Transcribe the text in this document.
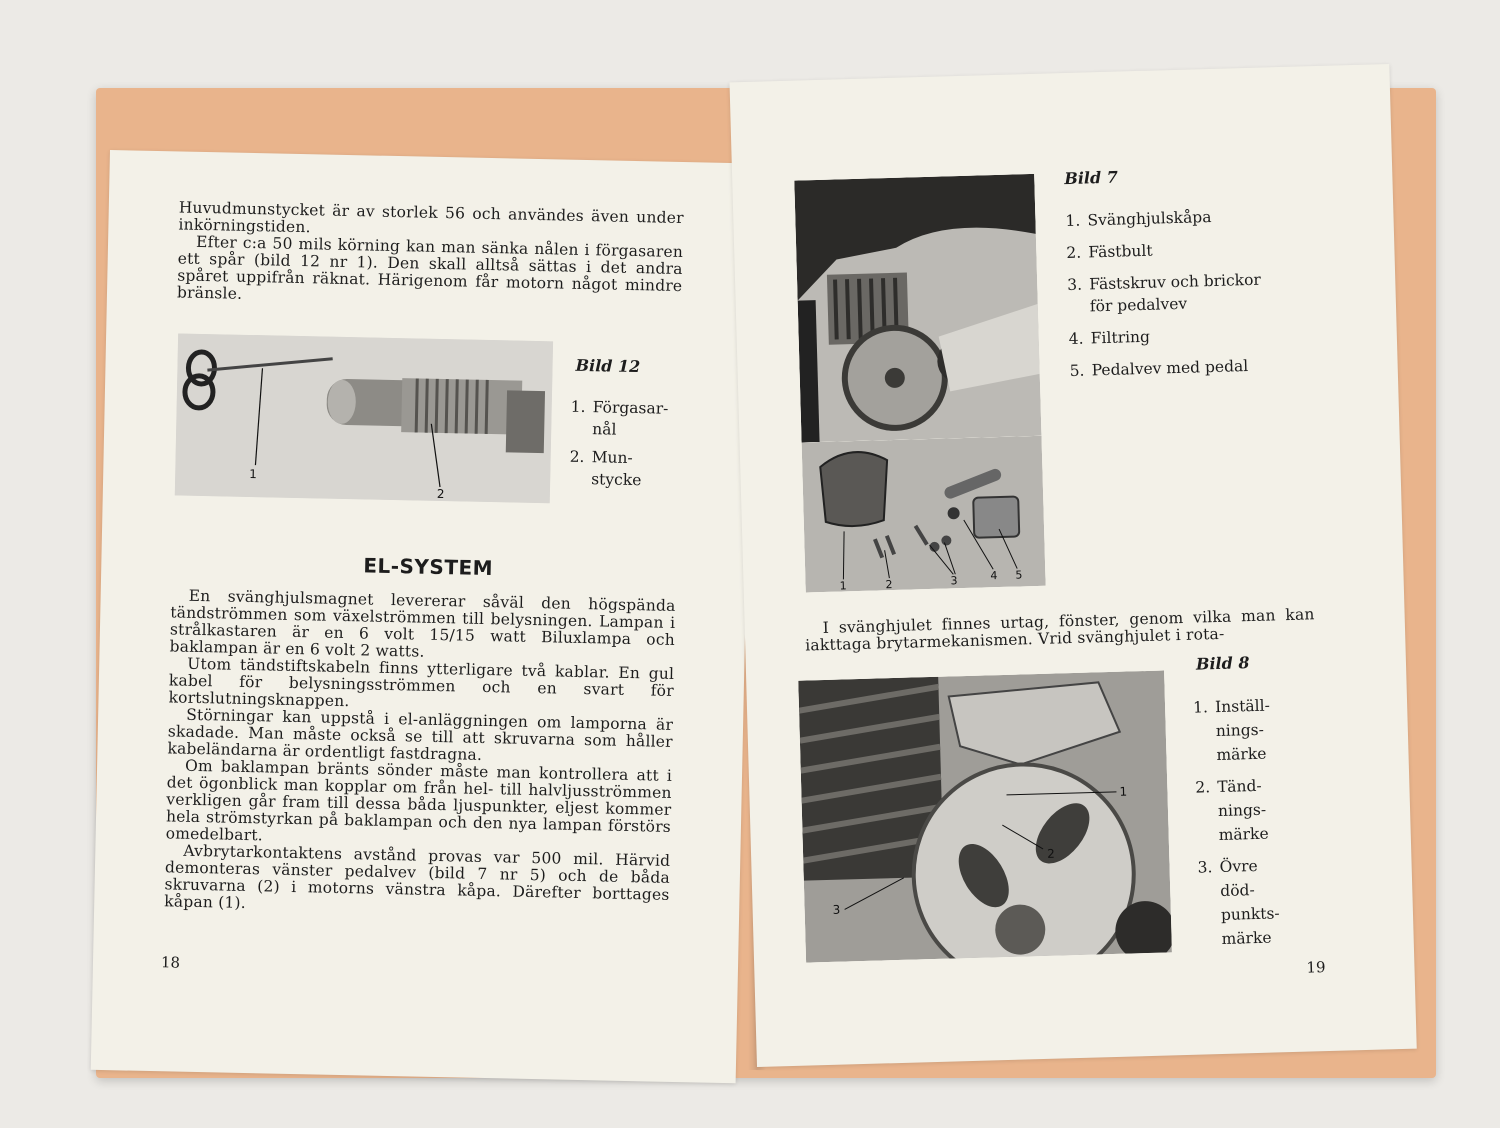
Huvudmunstycket är av storlek 56 och användes även under inkörningstiden.

Efter c:a 50 mils körning kan man sänka nålen i förgasaren ett spår (bild 12 nr 1). Den skall alltså sättas i det andra spåret uppifrån räknat. Härigenom får motorn något mindre bränsle.

1
2
Bild 12
1. Förgasar-nål
2. Mun-stycke
EL-SYSTEM

En svänghjulsmagnet levererar såväl den högspända tändströmmen som växelströmmen till belysningen. Lampan i strålkastaren är en 6 volt 15/15 watt Biluxlampa och baklampan är en 6 volt 2 watts.

Utom tändstiftskabeln finns ytterligare två kablar. En gul kabel för belysningsströmmen och en svart för kortslutningsknappen.

Störningar kan uppstå i el-anläggningen om lamporna är skadade. Man måste också se till att skruvarna som håller kabeländarna är ordentligt fastdragna.

Om baklampan bränts sönder måste man kontrollera att i det ögonblick man kopplar om från hel- till halvljusströmmen verkligen går fram till dessa båda ljuspunkter, eljest kommer hela strömstyrkan på baklampan och den nya lampan förstörs omedelbart.

Avbrytarkontaktens avstånd provas var 500 mil. Härvid demonteras vänster pedalvev (bild 7 nr 5) och de båda skruvarna (2) i motorns vänstra kåpa. Därefter borttages kåpan (1).

18
1	2	3	4 5
Bild 7
1. Svänghjulskåpa
2. Fästbult
3. Fästskruv och brickor för pedalvev
4. Filtring
5. Pedalvev med pedal
I svänghjulet finnes urtag, fönster, genom vilka man kan iakttaga brytarmekanismen. Vrid svänghjulet i rota-
1
2
3
Bild 8
1. Inställ-nings-märke
2. Tänd-nings-märke
3. Övre död-punkts-märke
19
